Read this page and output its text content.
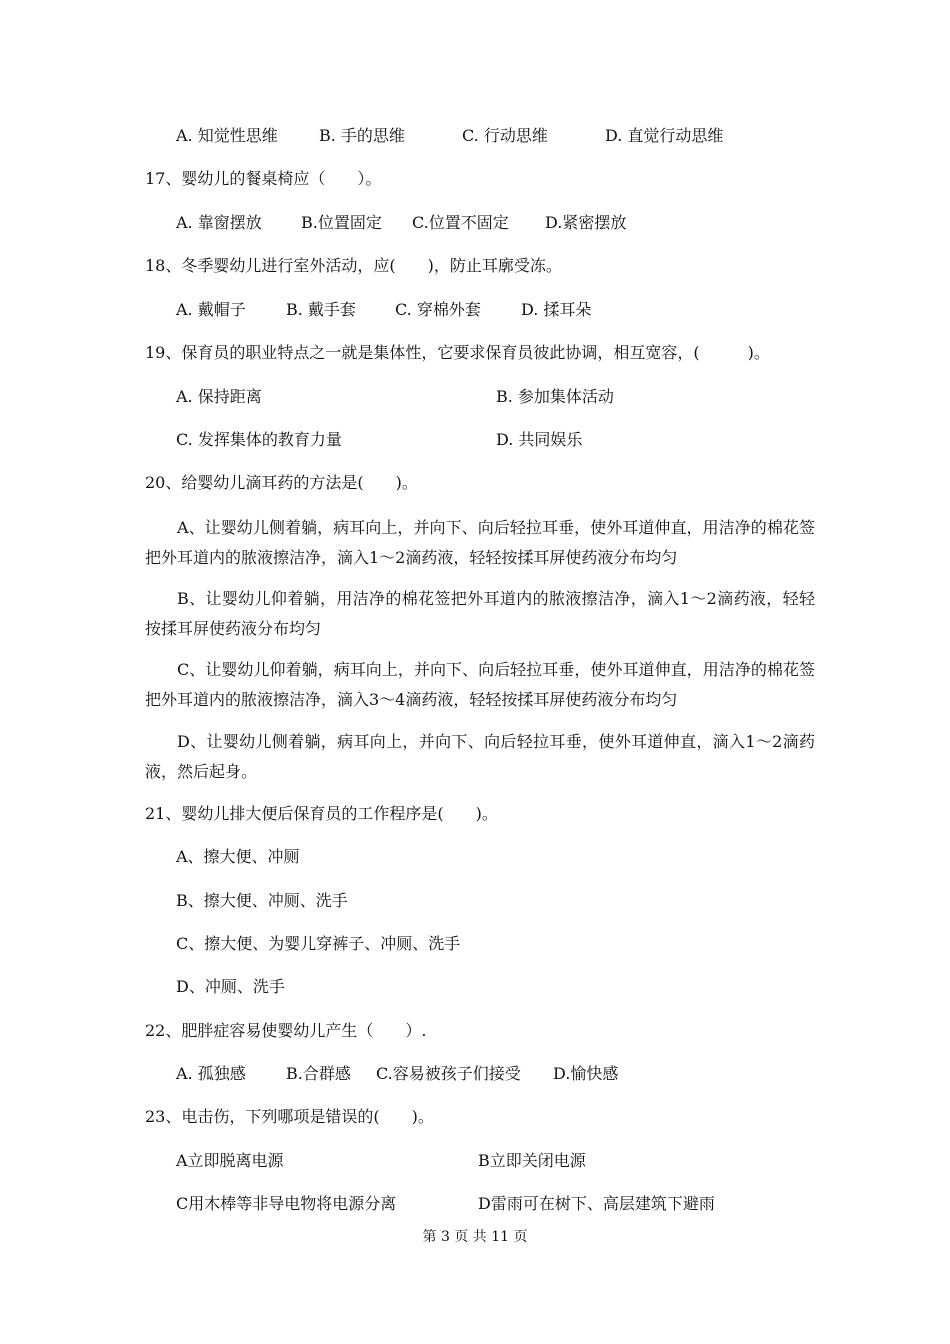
A. 知觉性思维	B. 手的思维	C. 行动思维	D. 直觉行动思维
17、婴幼儿的餐桌椅应（　　）。
A. 靠窗摆放 B.位置固定 C.位置不固定 D.紧密摆放
18、冬季婴幼儿进行室外活动，应(　　)，防止耳廓受冻。
A. 戴帽子	B. 戴手套 C. 穿棉外套	D. 揉耳朵
19、保育员的职业特点之一就是集体性，它要求保育员彼此协调，相互宽容，(　　　)。
A. 保持距离	B. 参加集体活动
C. 发挥集体的教育力量	D. 共同娱乐
20、给婴幼儿滴耳药的方法是(　　)。
A、让婴幼儿侧着躺，病耳向上，并向下、向后轻拉耳垂，使外耳道伸直，用洁净的棉花签把外耳道内的脓液擦洁净，滴入1～2滴药液，轻轻按揉耳屏使药液分布均匀
B、让婴幼儿仰着躺，用洁净的棉花签把外耳道内的脓液擦洁净，滴入1～2滴药液，轻轻按揉耳屏使药液分布均匀
C、让婴幼儿仰着躺，病耳向上，并向下、向后轻拉耳垂，使外耳道伸直，用洁净的棉花签把外耳道内的脓液擦洁净，滴入3～4滴药液，轻轻按揉耳屏使药液分布均匀
D、让婴幼儿侧着躺，病耳向上，并向下、向后轻拉耳垂，使外耳道伸直，滴入1～2滴药液，然后起身。
21、婴幼儿排大便后保育员的工作程序是(　　)。
A、擦大便、冲厕
B、擦大便、冲厕、洗手
C、擦大便、为婴儿穿裤子、冲厕、洗手
D、冲厕、洗手
22、肥胖症容易使婴幼儿产生（　　）.
A. 孤独感	B.合群感 C.容易被孩子们接受 D.愉快感
23、电击伤，下列哪项是错误的(　　)。
A立即脱离电源	B立即关闭电源
C用木棒等非导电物将电源分离	D雷雨可在树下、高层建筑下避雨
第 3 页 共 11 页
